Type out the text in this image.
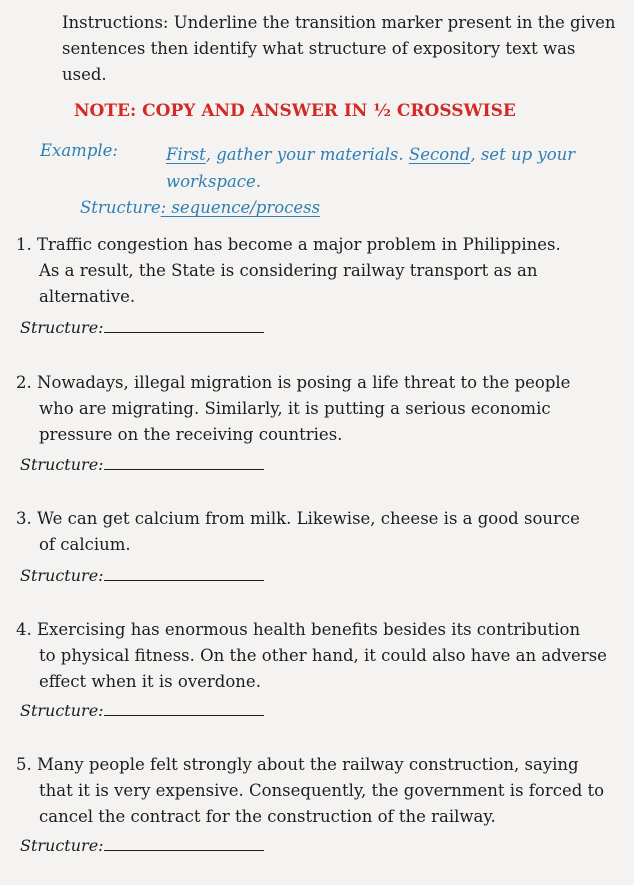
Instructions: Underline the transition marker present in the given sentences then identify what structure of expository text was used.
NOTE: COPY AND ANSWER IN ½ CROSSWISE
Example:	First, gather your materials. Second, set up your workspace.
Structure: sequence/process
1. Traffic congestion has become a major problem in Philippines.
As a result, the State is considering railway transport as an alternative.
Structure:
2. Nowadays, illegal migration is posing a life threat to the people
who are migrating. Similarly, it is putting a serious economic pressure on the receiving countries.
Structure:
3. We can get calcium from milk. Likewise, cheese is a good source
of calcium.
Structure:
4. Exercising has enormous health benefits besides its contribution
to physical fitness. On the other hand, it could also have an adverse effect when it is overdone.
Structure:
5. Many people felt strongly about the railway construction, saying
that it is very expensive. Consequently, the government is forced to cancel the contract for the construction of the railway.
Structure:
